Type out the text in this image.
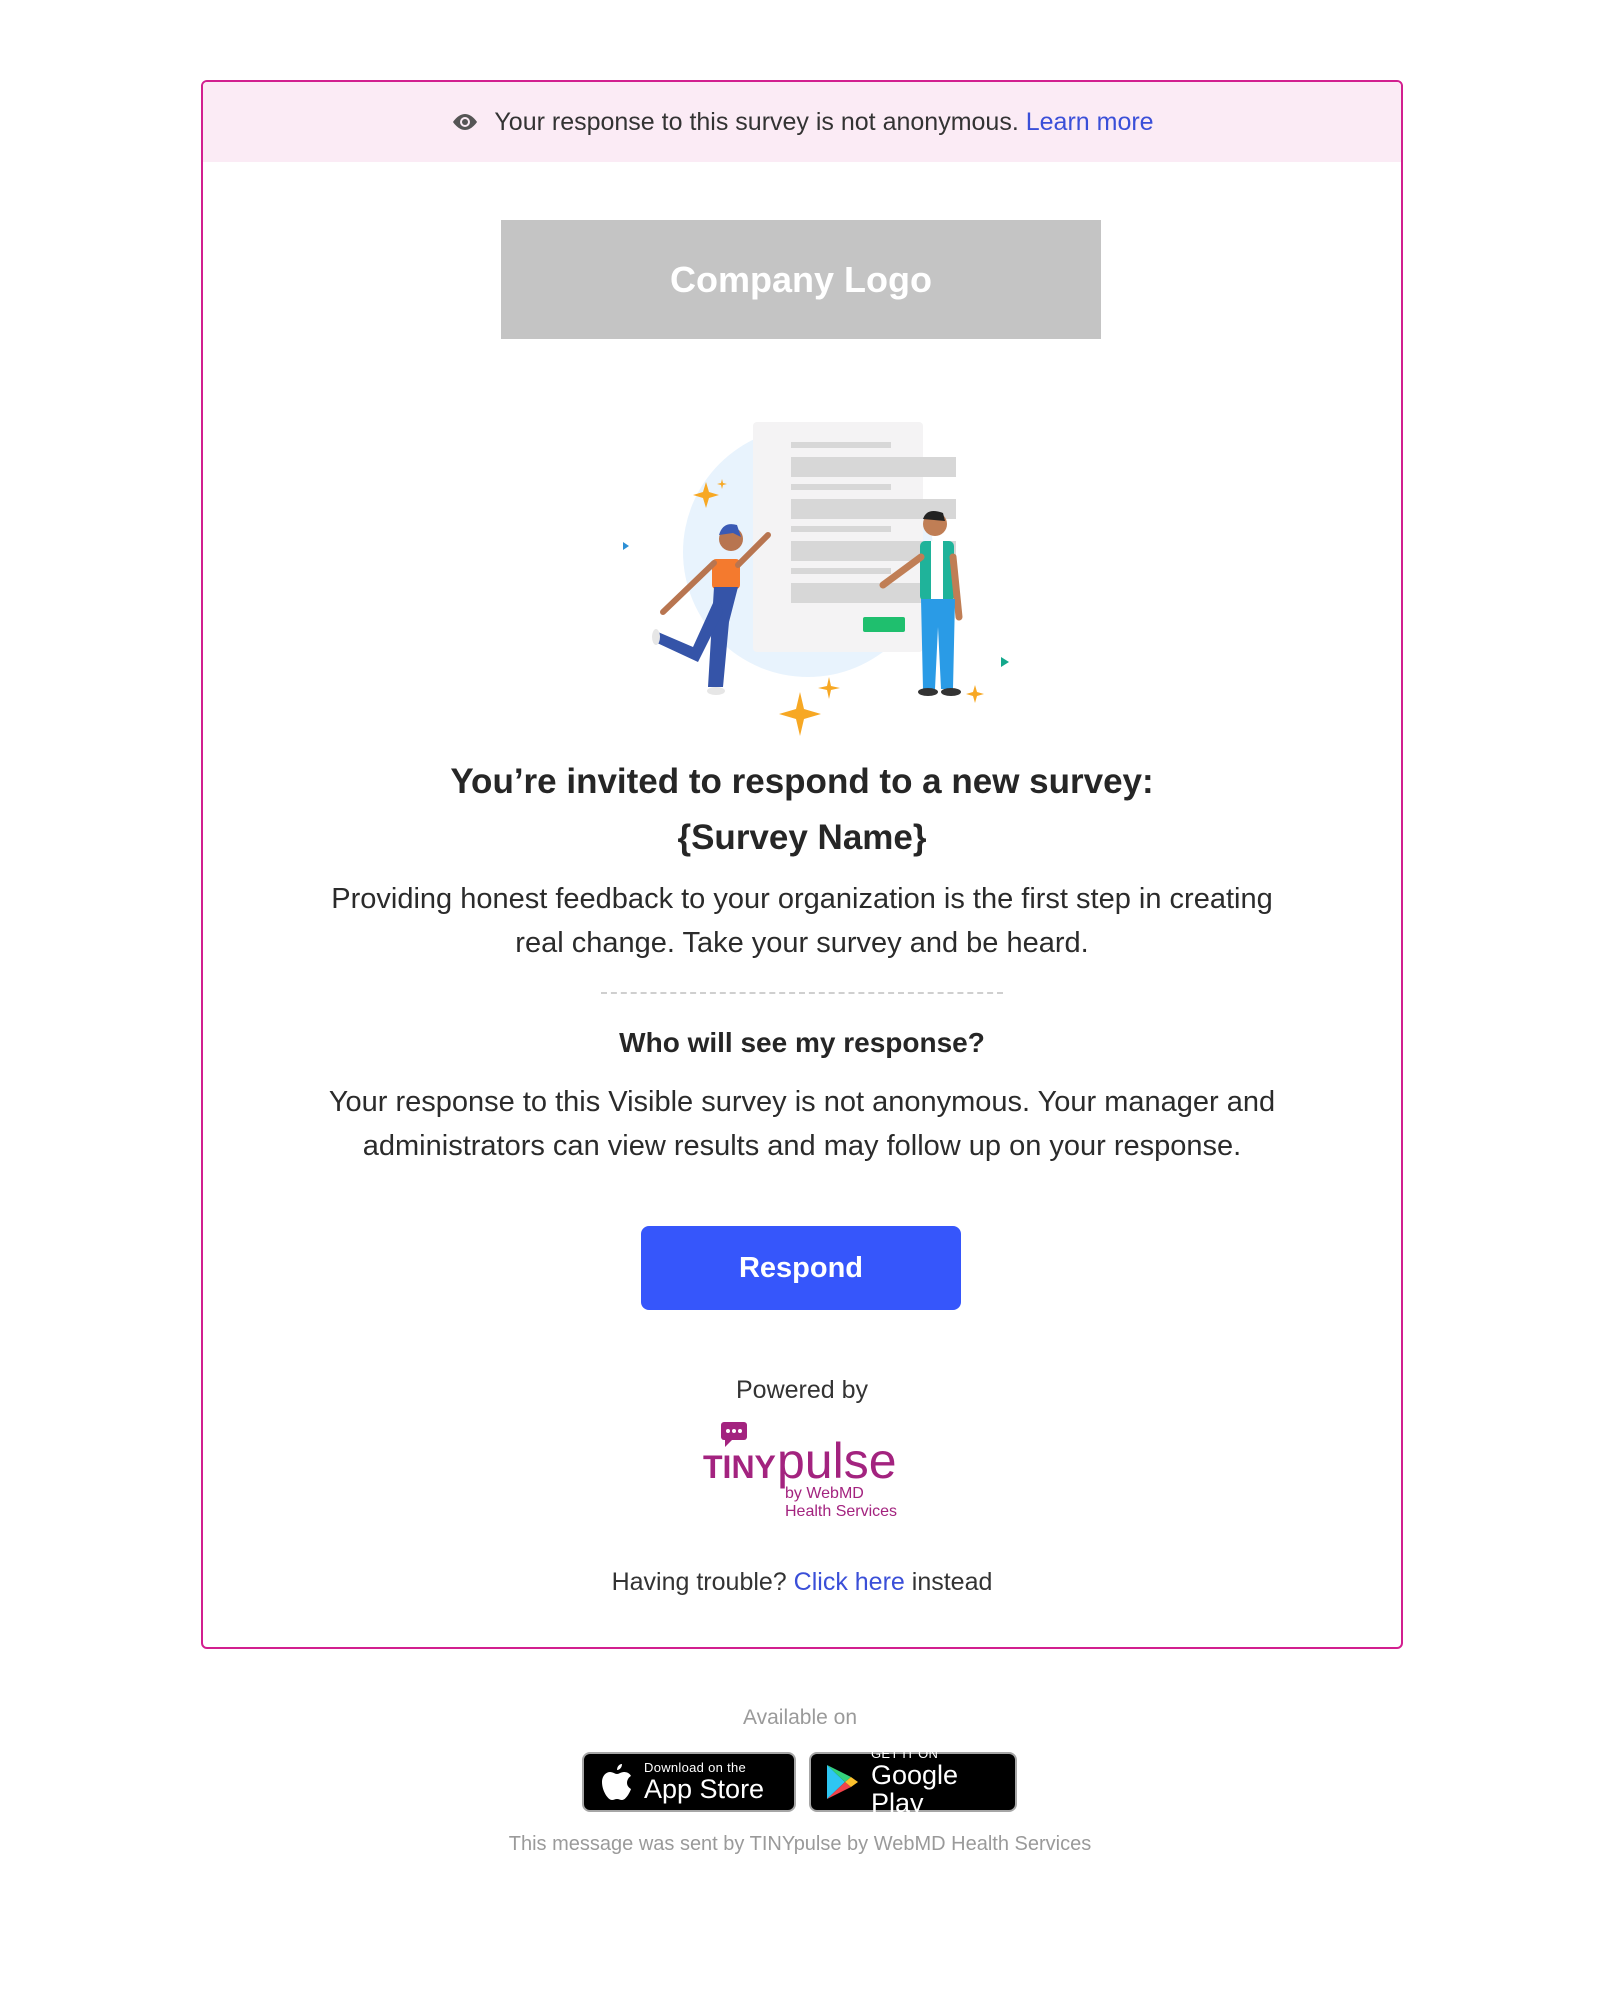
Your response to this survey is not anonymous.
Learn more
Company Logo
You’re invited to respond to a new survey:
{Survey Name}
Providing honest feedback to your organization is the first step in creating
real change. Take your survey and be heard.
Who will see my response?
Your response to this Visible survey is not anonymous. Your manager and
administrators can view results and may follow up on your response.
Respond
Powered by
TINY pulse
by WebMD
Health Services
Having trouble? Click here instead
Available on
Download on the
App Store
GET IT ON
Google Play
This message was sent by TINYpulse by WebMD Health Services
